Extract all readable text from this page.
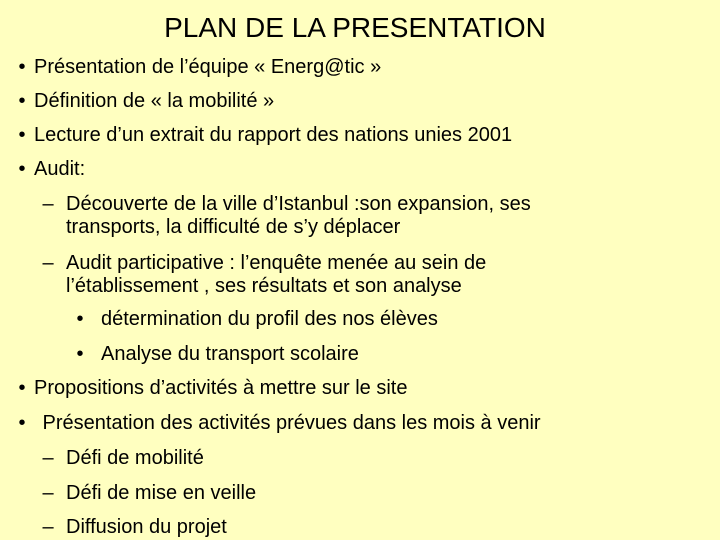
PLAN DE LA PRESENTATION
• Présentation de l’équipe « Energ@tic »
• Définition de « la mobilité »
• Lecture d’un extrait du rapport des nations unies 2001
• Audit:
– Découverte de la ville d’Istanbul :son expansion, ses
transports, la difficulté de s’y déplacer
– Audit participative : l’enquête menée au sein de
l’établissement , ses résultats et son analyse
• détermination du profil des nos élèves
• Analyse du transport scolaire
• Propositions d’activités à mettre sur le site
• Présentation des activités prévues dans les mois à venir
– Défi de mobilité
– Défi de mise en veille
– Diffusion du projet
